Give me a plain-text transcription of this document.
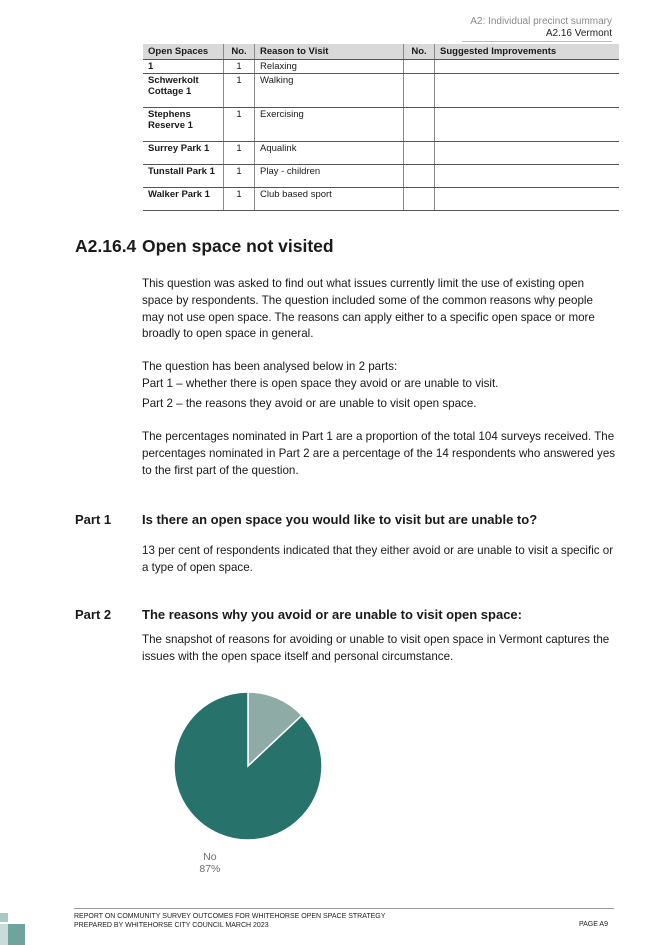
A2: Individual precinct summary
A2.16 Vermont
Open Spaces	No.	Reason to Visit	No.	Suggested Improvements
1	1	Relaxing		
Schwerkolt Cottage 1	1	Walking		
Stephens Reserve 1	1	Exercising		
Surrey Park 1	1	Aqualink		
Tunstall Park 1	1	Play - children		
Walker Park 1	1	Club based sport		
A2.16.4 Open space not visited

This question was asked to find out what issues currently limit the use of existing open space by respondents. The question included some of the common reasons why people may not use open space. The reasons can apply either to a specific open space or more broadly to open space in general.

The question has been analysed below in 2 parts:

Part 1 – whether there is open space they avoid or are unable to visit.

Part 2 – the reasons they avoid or are unable to visit open space.

The percentages nominated in Part 1 are a proportion of the total 104 surveys received. The percentages nominated in Part 2 are a percentage of the 14 respondents who answered yes to the first part of the question.

Part 1 Is there an open space you would like to visit but are unable to?

13 per cent of respondents indicated that they either avoid or are unable to visit a specific or a type of open space.

Part 2 The reasons why you avoid or are unable to visit open space:

The snapshot of reasons for avoiding or unable to visit open space in Vermont captures the issues with the open space itself and personal circumstance.

No
87%
REPORT ON COMMUNITY SURVEY OUTCOMES FOR WHITEHORSE OPEN SPACE STRATEGY
PREPARED BY WHITEHORSE CITY COUNCIL MARCH 2023	PAGE A9
